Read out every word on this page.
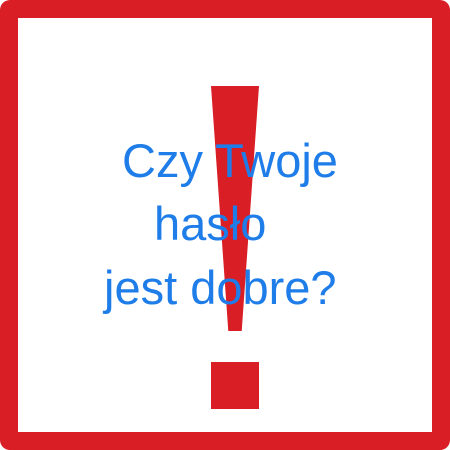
Czy Twoje

hasło

jest dobre?
